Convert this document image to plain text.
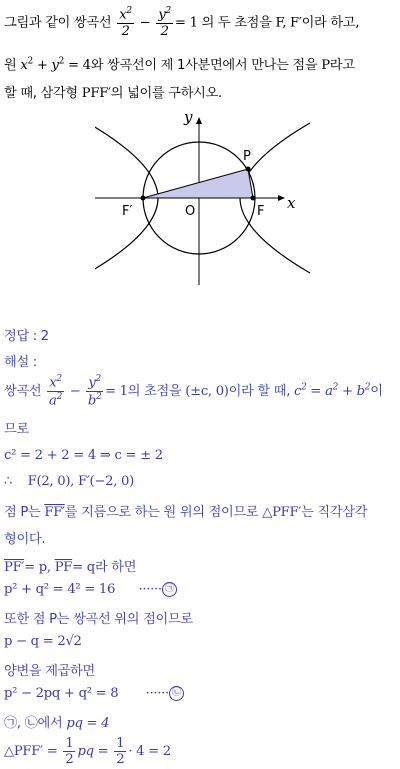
그림과 같이 쌍곡선 $\frac{x^2}{2} - \frac{y^2}{2} = 1$ 의 두 초점을 F, F′이라 하고,
원 $x^2 + y^2 = 4$와 쌍곡선이 제 1사분면에서 만나는 점을 P라고
할 때, 삼각형 PFF′의 넓이를 구하시오.
y
x
O
P
F
F′
정답 : 2
해설 :
쌍곡선 $\frac{x^2}{a^2} - \frac{y^2}{b^2} = 1$의 초점을 (±c, 0)이라 할 때, $c^2 = a^2 + b^2$이
므로
c² = 2 + 2 = 4 ⇒ c = ± 2
∴ F(2, 0), F′(−2, 0)
점 P는 FF′를 지름으로 하는 원 위의 점이므로 △PFF′는 직각삼각
형이다.
PF′= p, $\overline{PF}= q$라 하면
p² + q² = 4² = 16      ······ ㉠
또한 점 P는 쌍곡선 위의 점이므로
p − q = 2√2
양변을 제곱하면
p² − 2pq + q² = 8       ······ ㉡
㉠, ㉡에서 pq = 4
△PFF′ = $\frac{1}{2}$ pq = $\frac{1}{2} \cdot 4 = 2$
